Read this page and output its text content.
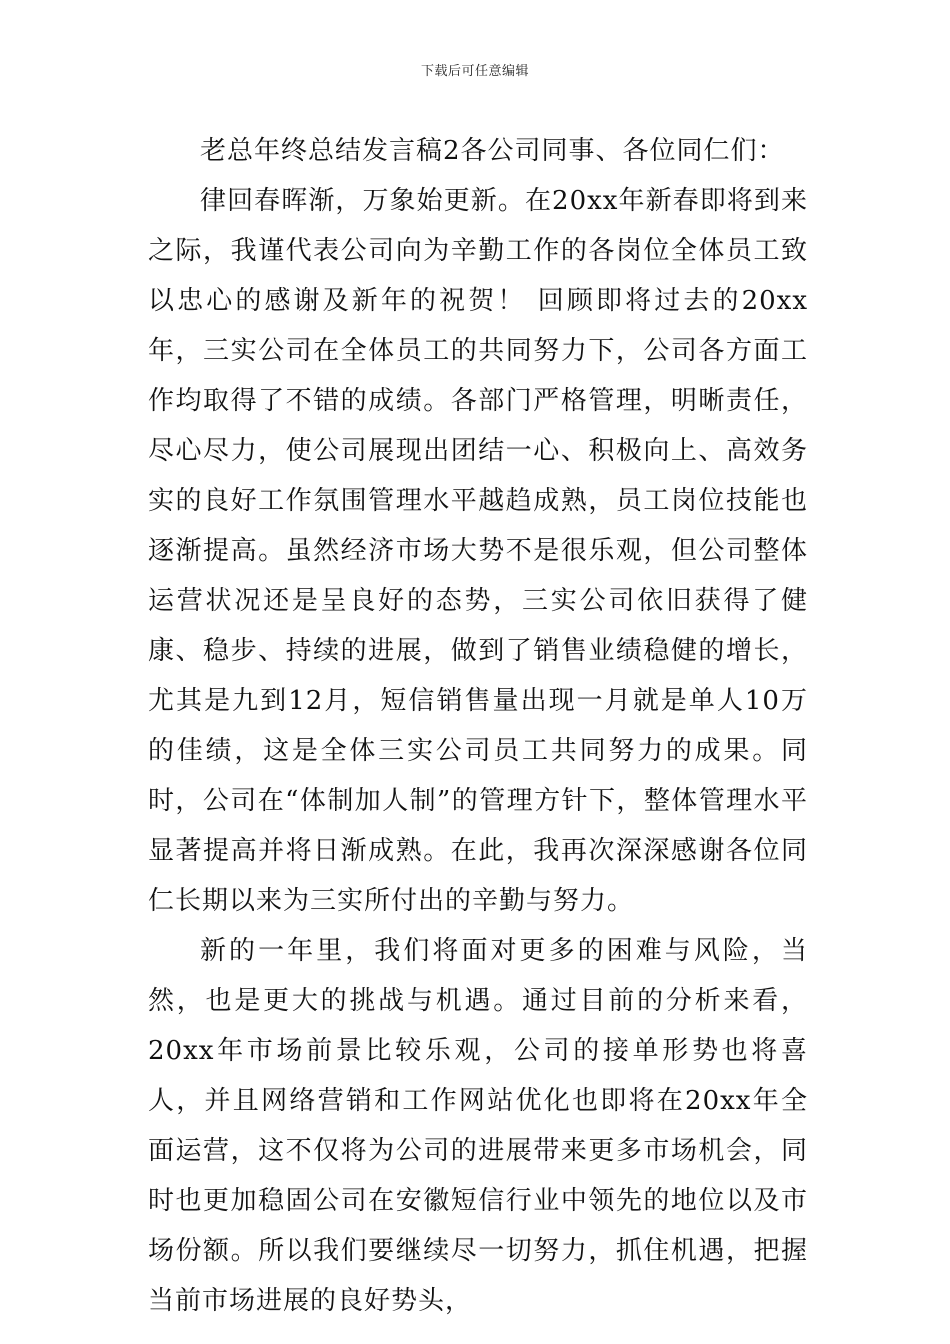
下载后可任意编辑

老总年终总结发言稿2各公司同事、各位同仁们：

律回春晖渐，万象始更新。在20xx年新春即将到来之际，我谨代表公司向为辛勤工作的各岗位全体员工致以忠心的感谢及新年的祝贺！ 回顾即将过去的20xx年，三实公司在全体员工的共同努力下，公司各方面工作均取得了不错的成绩。各部门严格管理，明晰责任，尽心尽力，使公司展现出团结一心、积极向上、高效务实的良好工作氛围管理水平越趋成熟，员工岗位技能也逐渐提高。虽然经济市场大势不是很乐观，但公司整体运营状况还是呈良好的态势，三实公司依旧获得了健康、稳步、持续的进展，做到了销售业绩稳健的增长，尤其是九到12月，短信销售量出现一月就是单人10万的佳绩，这是全体三实公司员工共同努力的成果。同时，公司在“体制加人制”的管理方针下，整体管理水平显著提高并将日渐成熟。在此，我再次深深感谢各位同仁长期以来为三实所付出的辛勤与努力。

新的一年里，我们将面对更多的困难与风险，当然，也是更大的挑战与机遇。通过目前的分析来看，20xx年市场前景比较乐观，公司的接单形势也将喜人，并且网络营销和工作网站优化也即将在20xx年全面运营，这不仅将为公司的进展带来更多市场机会，同时也更加稳固公司在安徽短信行业中领先的地位以及市场份额。所以我们要继续尽一切努力，抓住机遇，把握当前市场进展的良好势头，
